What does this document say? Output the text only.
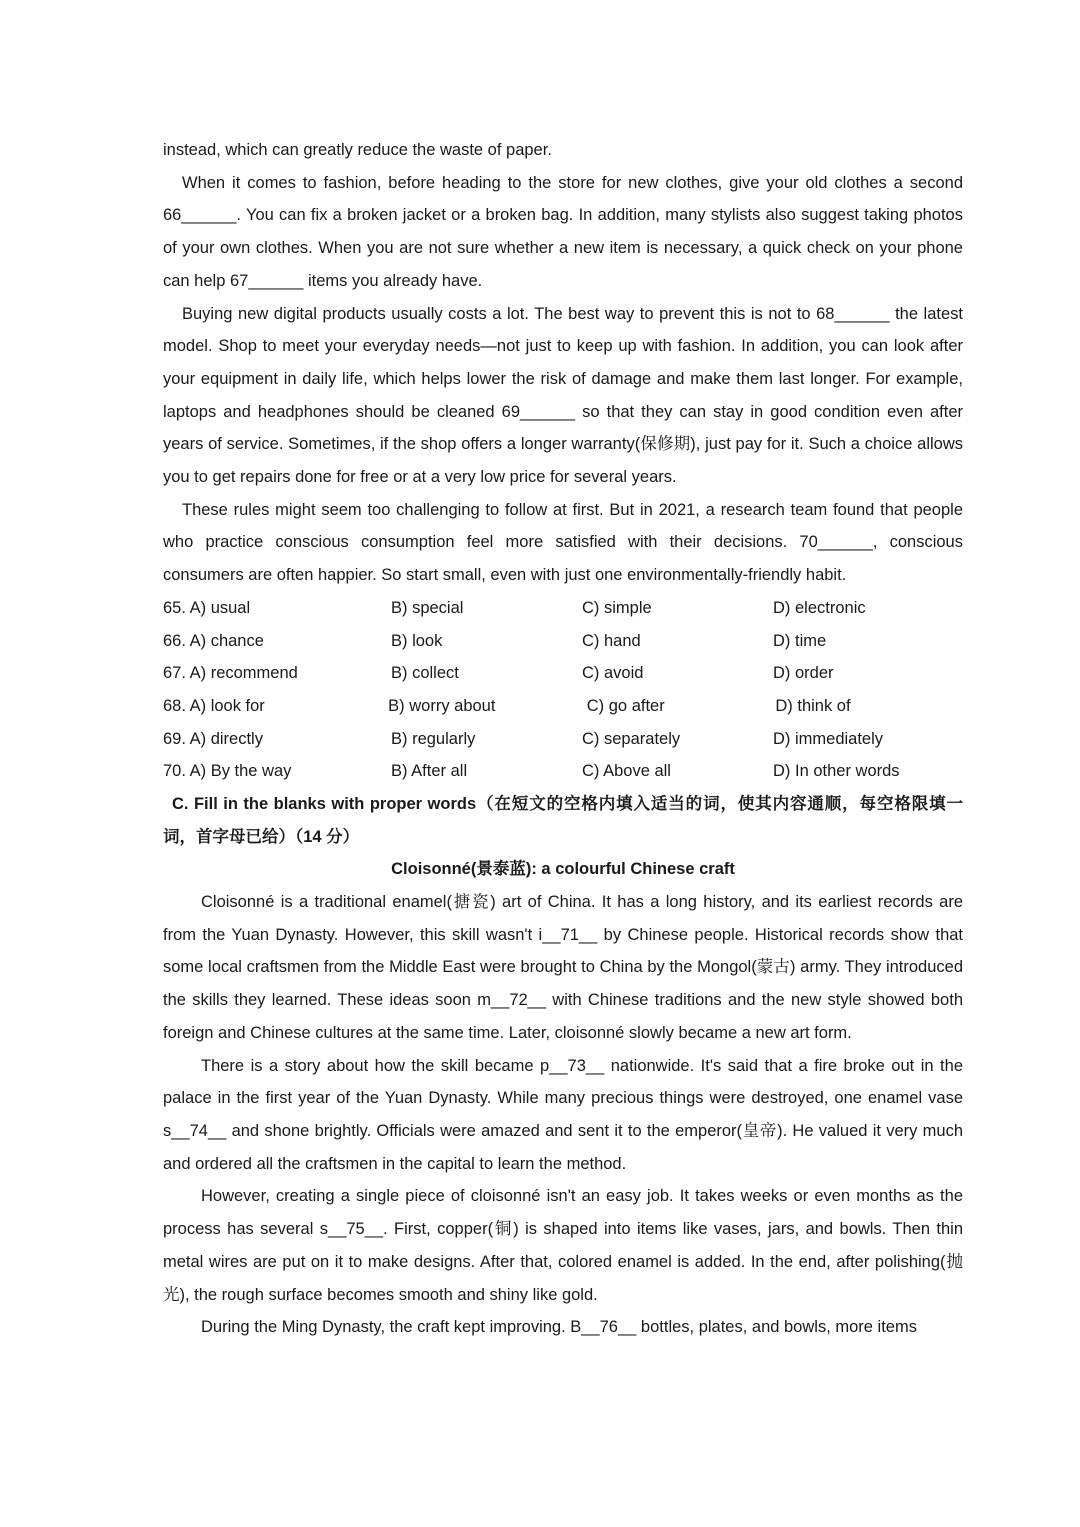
instead, which can greatly reduce the waste of paper.

When it comes to fashion, before heading to the store for new clothes, give your old clothes a second 66______. You can fix a broken jacket or a broken bag. In addition, many stylists also suggest taking photos of your own clothes. When you are not sure whether a new item is necessary, a quick check on your phone can help 67______ items you already have.

Buying new digital products usually costs a lot. The best way to prevent this is not to 68______ the latest model. Shop to meet your everyday needs—not just to keep up with fashion. In addition, you can look after your equipment in daily life, which helps lower the risk of damage and make them last longer. For example, laptops and headphones should be cleaned 69______ so that they can stay in good condition even after years of service. Sometimes, if the shop offers a longer warranty(保修期), just pay for it. Such a choice allows you to get repairs done for free or at a very low price for several years.

These rules might seem too challenging to follow at first. But in 2021, a research team found that people who practice conscious consumption feel more satisfied with their decisions. 70______, conscious consumers are often happier. So start small, even with just one environmentally-friendly habit.

65. A) usual	B) special	C) simple	D) electronic
66. A) chance	B) look	C) hand	D) time
67. A) recommend	B) collect	C) avoid	D) order
68. A) look for	B) worry about	C) go after	D) think of
69. A) directly	B) regularly	C) separately	D) immediately
70. A) By the way	B) After all	C) Above all	D) In other words

C. Fill in the blanks with proper words（在短文的空格内填入适当的词，使其内容通顺，每空格限填一词，首字母已给）（14 分）

Cloisonné(景泰蓝): a colourful Chinese craft

Cloisonné is a traditional enamel(搪瓷) art of China. It has a long history, and its earliest records are from the Yuan Dynasty. However, this skill wasn't i__71__ by Chinese people. Historical records show that some local craftsmen from the Middle East were brought to China by the Mongol(蒙古) army. They introduced the skills they learned. These ideas soon m__72__ with Chinese traditions and the new style showed both foreign and Chinese cultures at the same time. Later, cloisonné slowly became a new art form.

There is a story about how the skill became p__73__ nationwide. It's said that a fire broke out in the palace in the first year of the Yuan Dynasty. While many precious things were destroyed, one enamel vase s__74__ and shone brightly. Officials were amazed and sent it to the emperor(皇帝). He valued it very much and ordered all the craftsmen in the capital to learn the method.

However, creating a single piece of cloisonné isn't an easy job. It takes weeks or even months as the process has several s__75__. First, copper(铜) is shaped into items like vases, jars, and bowls. Then thin metal wires are put on it to make designs. After that, colored enamel is added. In the end, after polishing(抛光), the rough surface becomes smooth and shiny like gold.

During the Ming Dynasty, the craft kept improving. B__76__ bottles, plates, and bowls, more items
